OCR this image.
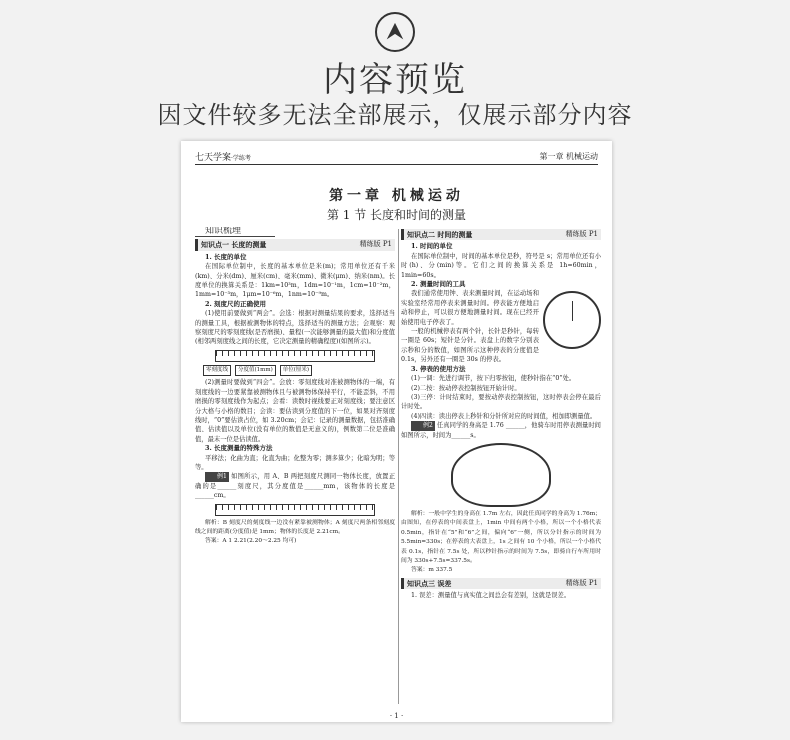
内容预览
因文件较多无法全部展示，仅展示部分内容
七天学案·学练考	第一章 机械运动
第一章 机械运动
第 1 节 长度和时间的测量
知识梳理
知识点一 长度的测量	精练版 P1
1. 长度的单位
在国际单位制中，长度的基本单位是米(m)；常用单位还有千米(km)、分米(dm)、厘米(cm)、毫米(mm)、微米(μm)、纳米(nm)。长度单位的换算关系是：1km=10³m，1dm=10⁻¹m，1cm=10⁻²m，1mm=10⁻³m，1μm=10⁻⁶m，1nm=10⁻⁹m。
2. 刻度尺的正确使用
(1)使用前要做到“两会”。会选：根据对测量结果的要求，选择适当的测量工具，根据被测物体的特点，选择适当的测量方法；会观察：观察刻度尺的零刻度线(是否磨损)、量程(一次能够测量的最大值)和分度值(相邻两刻度线之间的长度，它决定测量的精确程度)(如图所示)。
零刻度线	分度值(1mm)	单位(厘米)
(2)测量时要做到“四会”。会放：零刻度线对准被测物体的一端，有刻度线的一边要紧靠被测物体且与被测物体保持平行，不能歪斜，不用磨损的零刻度线作为起点；会看：读数时视线要正对刻度线；要注意区分大格与小格的数目；会读：要估读到分度值的下一位，如果对齐刻度线时，“0”要估读占位，如 3.20cm；会记：记录的测量数据，包括准确值、估读值以及单位(没有单位的数值是无意义的)，例数第二位是准确值，最末一位是估读值。
3. 长度测量的特殊方法
平移法；化曲为直；化直为曲；化整为零；测多算少；化暗为明；等等。
例1 如图所示，用 A、B 两把刻度尺测同一物体长度，放置正确的是______刻度尺，其分度值是______mm，该物体的长度是______cm。
解析：B 刻度尺的刻度线一边没有紧靠被测物体；A 刻度尺两条相邻刻度线之间的距离(分度值)是 1mm；物体的长度是 2.21cm。
答案：A 1 2.21(2.20～2.25 均可)
知识点二 时间的测量	精练版 P1
1. 时间的单位
在国际单位制中，时间的基本单位是秒，符号是 s；常用单位还有小时(h)、分(min)等。它们之间的换算关系是 1h=60min，1min=60s。
2. 测量时间的工具
我们通常使用钟、表来测量时间，在运动场和实验室经常用停表来测量时间。停表能方便地启动和停止，可以很方便地测量时间。现在已经开始使用电子停表了。
一般的机械停表有两个针，长针是秒针，每转一圈是 60s；短针是分针。表盘上的数字分别表示秒和分的数值，如图所示这种停表的分度值是 0.1s，另外还有一圈是 30s 的停表。
3. 停表的使用方法
(1)一调：先进行调节，按下归零按钮，使秒针指在“0”处。
(2)二按：按动停表控制按钮开始计时。
(3)三停：计时结束时，要按动停表控制按钮，这时停表会停在最后计时处。
(4)四读：读出停表上秒针和分针所对应的时间值，相加即测量值。
例2 任真同学的身高是 1.76 ______，他骑车时用停表测量时间如图所示，时间为______s。
解析：一般中学生的身高在 1.7m 左右，因此任真同学的身高为 1.76m；由图知，在停表的中间表盘上，1min 中间有两个小格，所以一个小格代表 0.5min，指针在“5”和“6”之间，偏向“6”一侧，所以分针指示的时间为 5.5min=330s；在停表的大表盘上，1s 之间有 10 个小格，所以一个小格代表 0.1s，指针在 7.5s 处，所以秒针指示的时间为 7.5s，即骑自行车所用时间为 330s+7.5s=337.5s。
答案：m 337.5
知识点三 误差	精练版 P1
1. 误差：测量值与真实值之间总会有差别，这就是误差。
· 1 ·
